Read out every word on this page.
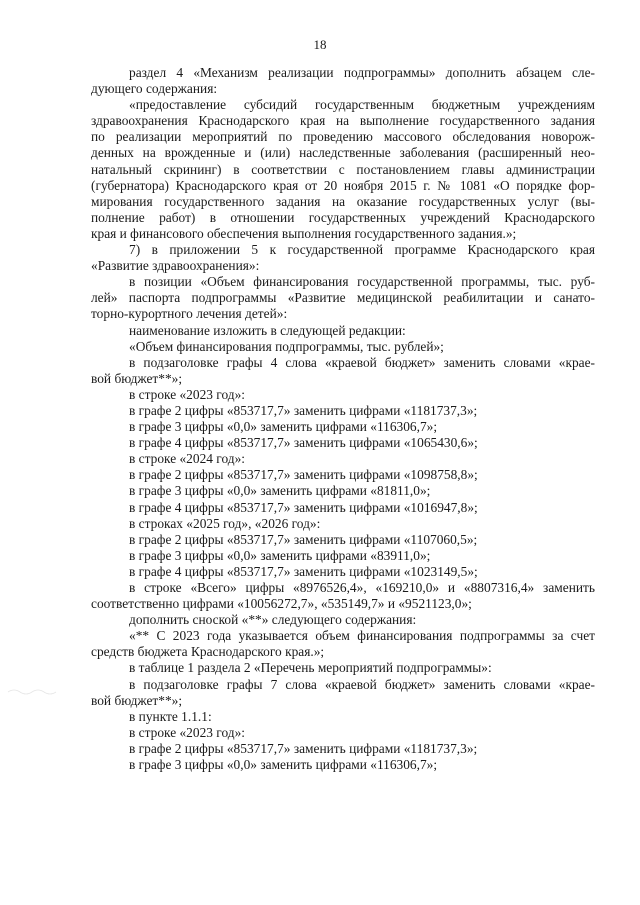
18
раздел 4 «Механизм реализации подпрограммы» дополнить абзацем сле-
дующего содержания:
«предоставление субсидий государственным бюджетным учреждениям
здравоохранения Краснодарского края на выполнение государственного задания
по реализации мероприятий по проведению массового обследования новорож-
денных на врожденные и (или) наследственные заболевания (расширенный нео-
натальный скрининг) в соответствии с постановлением главы администрации
(губернатора) Краснодарского края от 20 ноября 2015 г. № 1081 «О порядке фор-
мирования государственного задания на оказание государственных услуг (вы-
полнение работ) в отношении государственных учреждений Краснодарского
края и финансового обеспечения выполнения государственного задания.»;
7) в приложении 5 к государственной программе Краснодарского края
«Развитие здравоохранения»:
в позиции «Объем финансирования государственной программы, тыс. руб-
лей» паспорта подпрограммы «Развитие медицинской реабилитации и санато-
торно-курортного лечения детей»:
наименование изложить в следующей редакции:
«Объем финансирования подпрограммы, тыс. рублей»;
в подзаголовке графы 4 слова «краевой бюджет» заменить словами «крае-
вой бюджет**»;
в строке «2023 год»:
в графе 2 цифры «853717,7» заменить цифрами «1181737,3»;
в графе 3 цифры «0,0» заменить цифрами «116306,7»;
в графе 4 цифры «853717,7» заменить цифрами «1065430,6»;
в строке «2024 год»:
в графе 2 цифры «853717,7» заменить цифрами «1098758,8»;
в графе 3 цифры «0,0» заменить цифрами «81811,0»;
в графе 4 цифры «853717,7» заменить цифрами «1016947,8»;
в строках «2025 год», «2026 год»:
в графе 2 цифры «853717,7» заменить цифрами «1107060,5»;
в графе 3 цифры «0,0» заменить цифрами «83911,0»;
в графе 4 цифры «853717,7» заменить цифрами «1023149,5»;
в строке «Всего» цифры «8976526,4», «169210,0» и «8807316,4» заменить
соответственно цифрами «10056272,7», «535149,7» и «9521123,0»;
дополнить сноской «**» следующего содержания:
«** С 2023 года указывается объем финансирования подпрограммы за счет
средств бюджета Краснодарского края.»;
в таблице 1 раздела 2 «Перечень мероприятий подпрограммы»:
в подзаголовке графы 7 слова «краевой бюджет» заменить словами «крае-
вой бюджет**»;
в пункте 1.1.1:
в строке «2023 год»:
в графе 2 цифры «853717,7» заменить цифрами «1181737,3»;
в графе 3 цифры «0,0» заменить цифрами «116306,7»;
